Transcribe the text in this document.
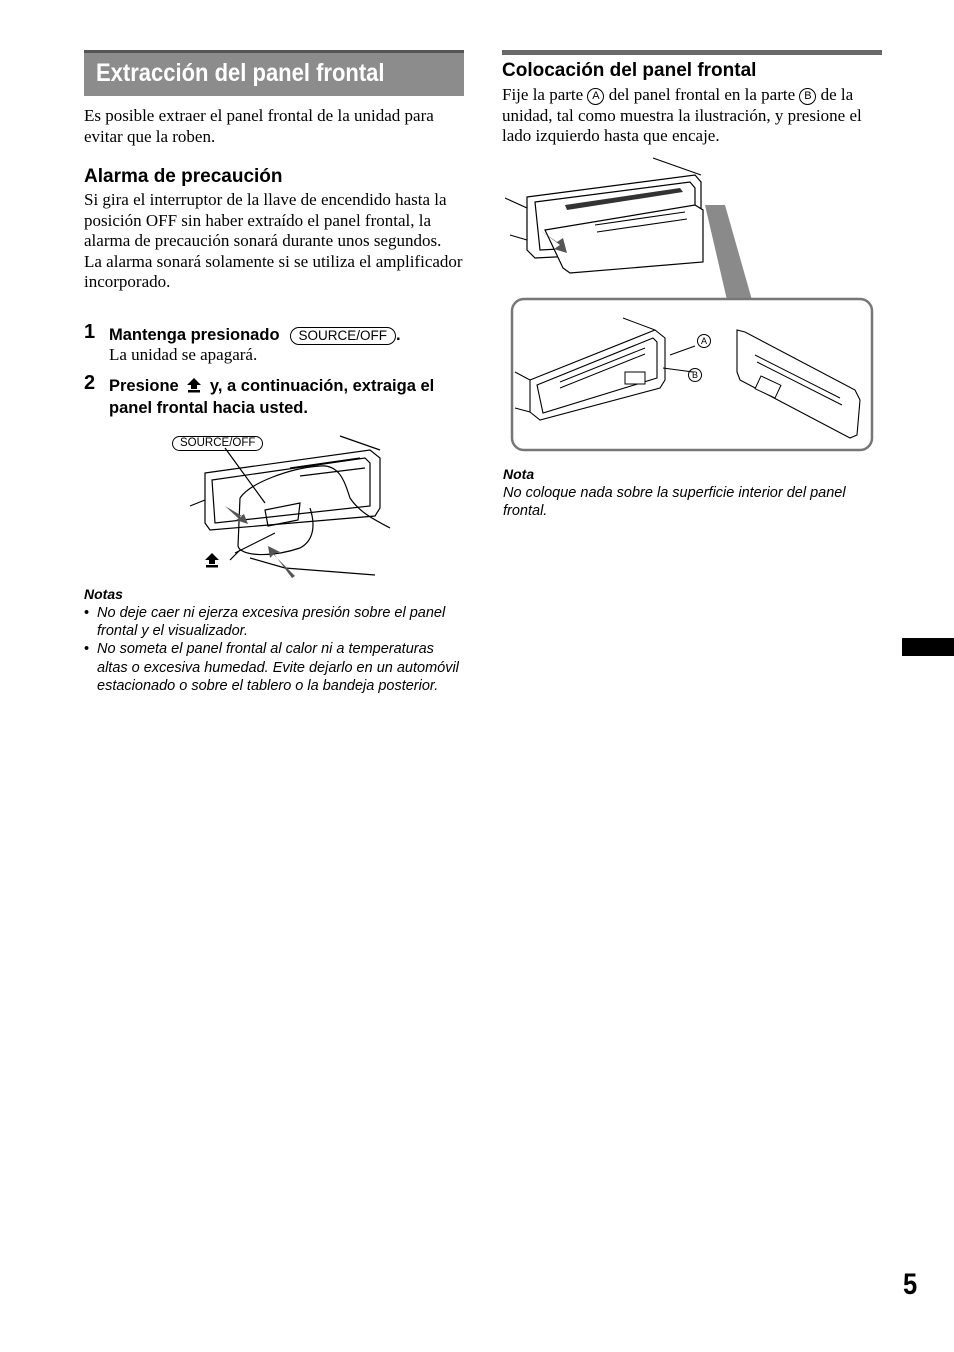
Extracción del panel frontal
Es posible extraer el panel frontal de la unidad para evitar que la roben.
Alarma de precaución
Si gira el interruptor de la llave de encendido hasta la posición OFF sin haber extraído el panel frontal, la alarma de precaución sonará durante unos segundos.
La alarma sonará solamente si se utiliza el amplificador incorporado.
1 Mantenga presionado SOURCE/OFF .
La unidad se apagará.
2 Presione y, a continuación, extraiga el panel frontal hacia usted.
SOURCE/OFF
Notas
• No deje caer ni ejerza excesiva presión sobre el panel frontal y el visualizador.
• No someta el panel frontal al calor ni a temperaturas altas o excesiva humedad. Evite dejarlo en un automóvil estacionado o sobre el tablero o la bandeja posterior.
Colocación del panel frontal
Fije la parte A del panel frontal en la parte B de la unidad, tal como muestra la ilustración, y presione el lado izquierdo hasta que encaje.
A
B
Nota
No coloque nada sobre la superficie interior del panel frontal.
5
